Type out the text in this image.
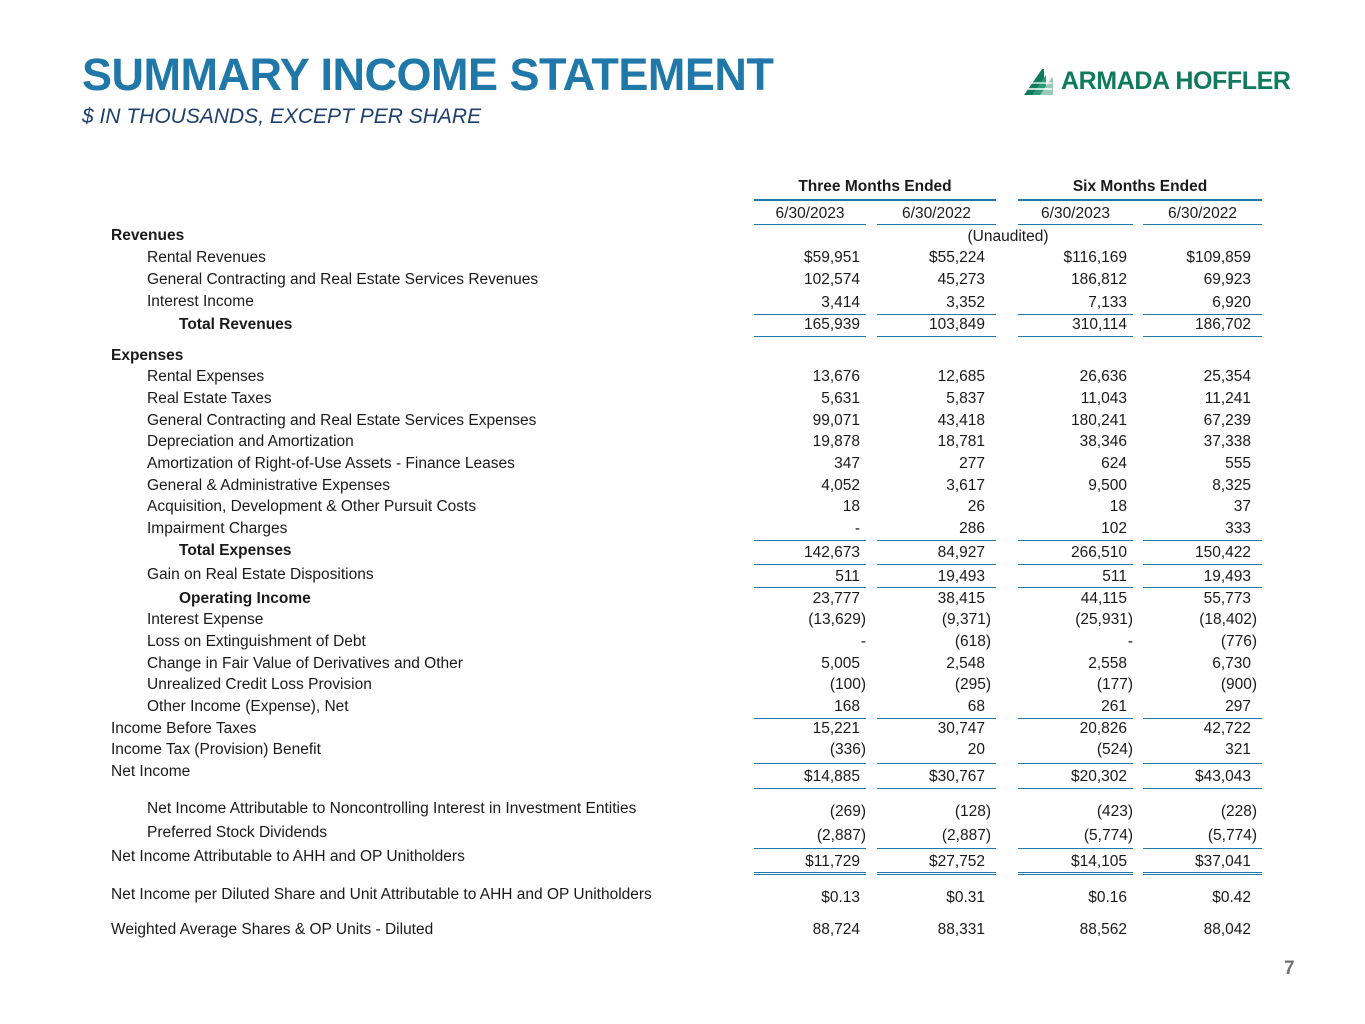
SUMMARY INCOME STATEMENT
$ IN THOUSANDS, EXCEPT PER SHARE
ARMADA HOFFLER
Three Months Ended	Six Months Ended
6/30/2023	6/30/2022	6/30/2023	6/30/2022
(Unaudited)
Revenues
Rental Revenues	$59,951	$55,224	$116,169	$109,859
General Contracting and Real Estate Services Revenues	102,574	45,273	186,812	69,923
Interest Income	3,414	3,352	7,133	6,920
Total Revenues	165,939	103,849	310,114	186,702
Expenses
Rental Expenses	13,676	12,685	26,636	25,354
Real Estate Taxes	5,631	5,837	11,043	11,241
General Contracting and Real Estate Services Expenses	99,071	43,418	180,241	67,239
Depreciation and Amortization	19,878	18,781	38,346	37,338
Amortization of Right-of-Use Assets - Finance Leases	347	277	624	555
General & Administrative Expenses	4,052	3,617	9,500	8,325
Acquisition, Development & Other Pursuit Costs	18	26	18	37
Impairment Charges	-	286	102	333
Total Expenses	142,673	84,927	266,510	150,422
Gain on Real Estate Dispositions	511	19,493	511	19,493
Operating Income	23,777	38,415	44,115	55,773
Interest Expense	(13,629)	(9,371)	(25,931)	(18,402)
Loss on Extinguishment of Debt	-	(618)	-	(776)
Change in Fair Value of Derivatives and Other	5,005	2,548	2,558	6,730
Unrealized Credit Loss Provision	(100)	(295)	(177)	(900)
Other Income (Expense), Net	168	68	261	297
Income Before Taxes	15,221	30,747	20,826	42,722
Income Tax (Provision) Benefit	(336)	20	(524)	321
Net Income	$14,885	$30,767	$20,302	$43,043
Net Income Attributable to Noncontrolling Interest in Investment Entities	(269)	(128)	(423)	(228)
Preferred Stock Dividends	(2,887)	(2,887)	(5,774)	(5,774)
Net Income Attributable to AHH and OP Unitholders	$11,729	$27,752	$14,105	$37,041
Net Income per Diluted Share and Unit Attributable to AHH and OP Unitholders	$0.13	$0.31	$0.16	$0.42
Weighted Average Shares & OP Units - Diluted	88,724	88,331	88,562	88,042
7
